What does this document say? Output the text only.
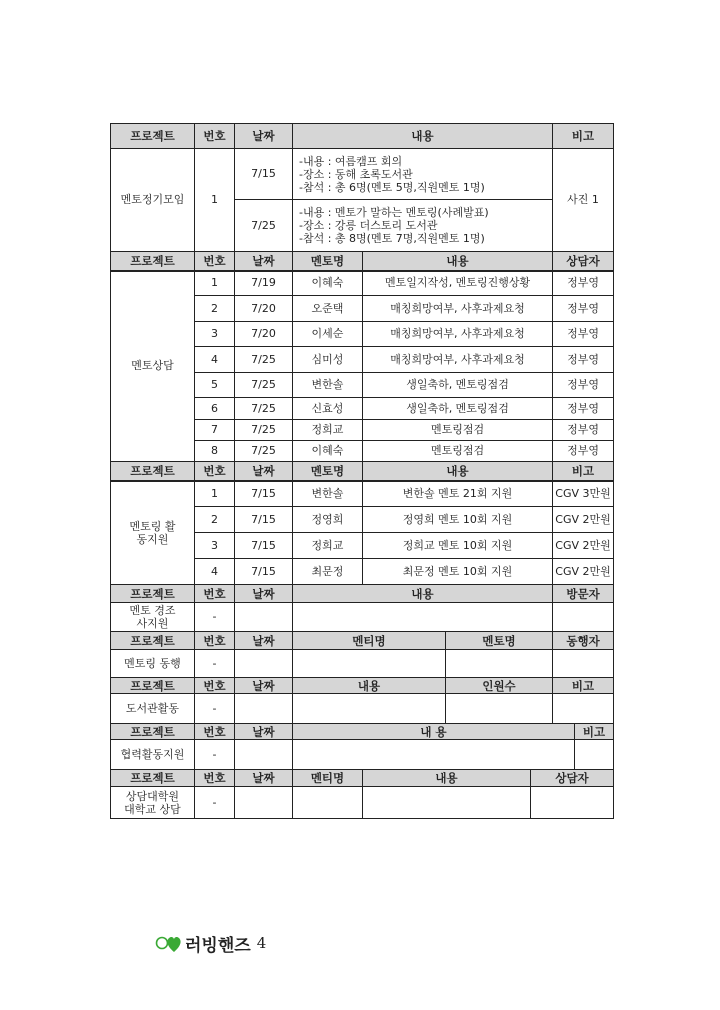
프로젝트	번호	날짜	내용				비고	
멘토정기모임	1	7/15	-내용 : 여름캠프 회의
-장소 : 동해 초록도서관
-참석 : 총 6명(멘토 5명,직원멘토 1명)				사진 1	
		7/25	-내용 : 멘토가 말하는 멘토링(사례발표)
-장소 : 강릉 더스토리 도서관
-참석 : 총 8명(멘토 7명,직원멘토 1명)					

프로젝트	번호	날짜	멘토명	내용			상담자	
멘토상담	1	7/19	이혜숙	멘토일지작성, 멘토링진행상황			정부영	
	2	7/20	오준택	매칭희망여부, 사후과제요청			정부영	
	3	7/20	이세순	매칭희망여부, 사후과제요청			정부영	
	4	7/25	심미성	매칭희망여부, 사후과제요청			정부영	
	5	7/25	변한솔	생일축하, 멘토링점검			정부영	
	6	7/25	신효성	생일축하, 멘토링점검			정부영	
	7	7/25	정희교	멘토링점검			정부영	
	8	7/25	이혜숙	멘토링점검			정부영	
프로젝트	번호	날짜	멘토명	내용			비고	
멘토링 활동지원	1	7/15	변한솔	변한솔 멘토 21회 지원			CGV 3만원	
	2	7/15	정영희	정영희 멘토 10회 지원			CGV 2만원	
	3	7/15	정희교	정희교 멘토 10회 지원			CGV 2만원	
	4	7/15	최문정	최문정 멘토 10회 지원			CGV 2만원	
프로젝트	번호	날짜	내용				방문자	
멘토 경조사지원	-							
프로젝트	번호	날짜	멘티명		멘토명		동행자	
멘토링 동행	-							
프로젝트	번호	날짜	내용		인원수		비고	
도서관활동	-							
프로젝트	번호	날짜	내 용					비고
협력활동지원	-							
프로젝트	번호	날짜	멘티명	내용		상담자		
상담대학원 대학교 상담	-							
러빙핸즈 4
